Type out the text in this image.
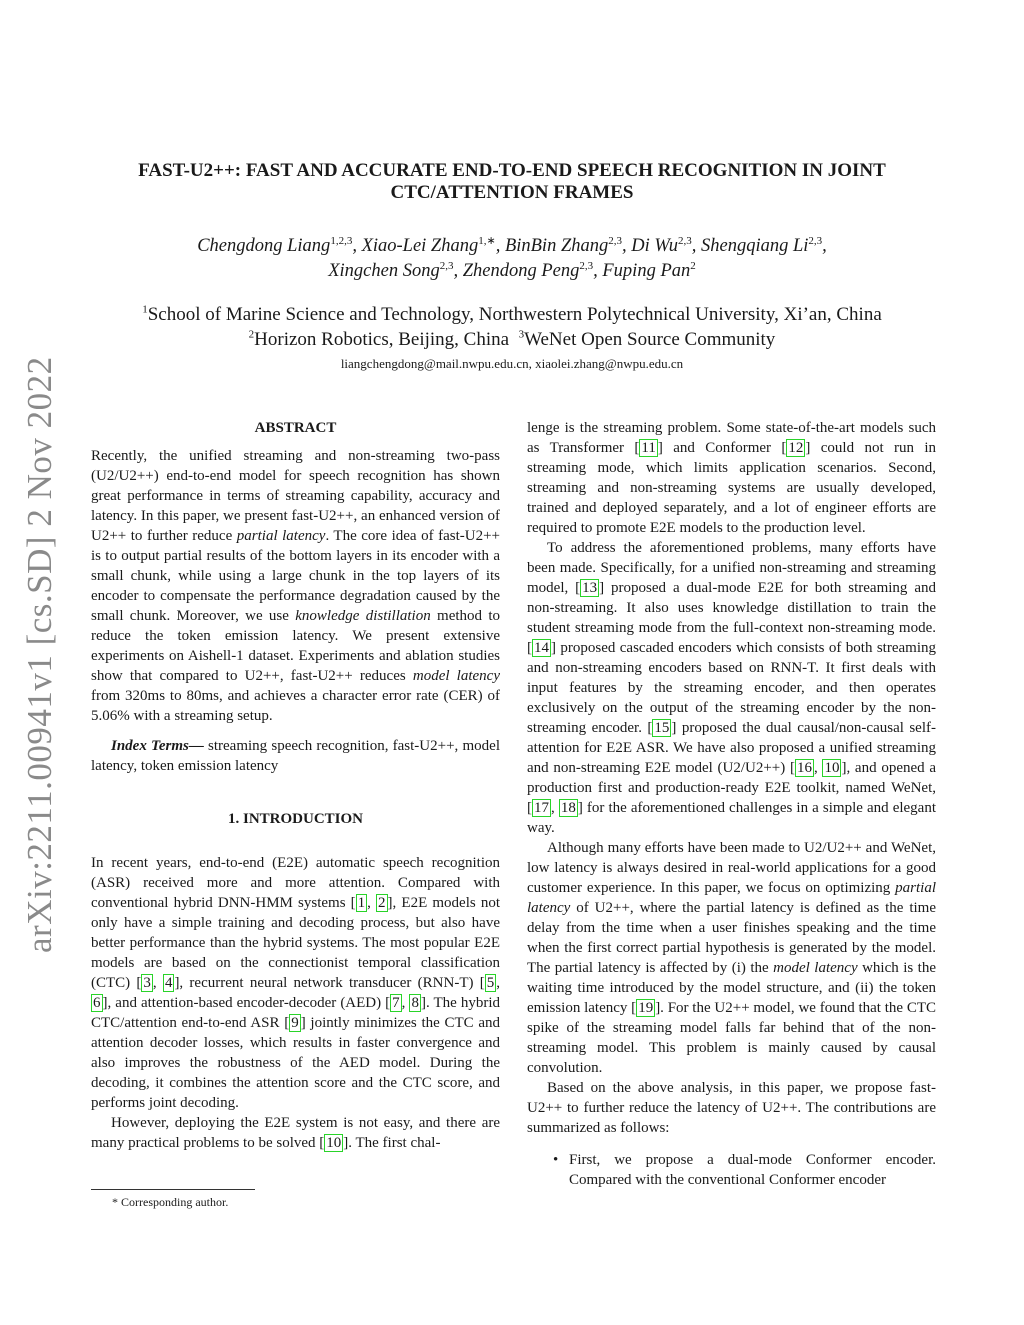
arXiv:2211.00941v1 [cs.SD] 2 Nov 2022
FAST-U2++: FAST AND ACCURATE END-TO-END SPEECH RECOGNITION IN JOINT
CTC/ATTENTION FRAMES
Chengdong Liang$^{1,2,3}$, Xiao-Lei Zhang$^{1,∗}$, BinBin Zhang$^{2,3}$, Di Wu$^{2,3}$, Shengqiang Li$^{2,3}$,
Xingchen Song$^{2,3}$, Zhendong Peng$^{2,3}$, Fuping Pan$^2$
$^1$School of Marine Science and Technology, Northwestern Polytechnical University, Xi’an, China
$^2$Horizon Robotics, Beijing, China $^3$WeNet Open Source Community
liangchengdong@mail.nwpu.edu.cn, xiaolei.zhang@nwpu.edu.cn
ABSTRACT

Recently, the unified streaming and non-streaming two-pass (U2/U2++) end-to-end model for speech recognition has shown great performance in terms of streaming capability, accuracy and latency. In this paper, we present fast-U2++, an enhanced version of U2++ to further reduce partial latency. The core idea of fast-U2++ is to output partial results of the bottom layers in its encoder with a small chunk, while using a large chunk in the top layers of its encoder to compensate the performance degradation caused by the small chunk. Moreover, we use knowledge distillation method to reduce the token emission latency. We present extensive experiments on Aishell-1 dataset. Experiments and ablation studies show that compared to U2++, fast-U2++ reduces model latency from 320ms to 80ms, and achieves a character error rate (CER) of 5.06% with a streaming setup.

Index Terms— streaming speech recognition, fast-U2++, model latency, token emission latency

1. INTRODUCTION

In recent years, end-to-end (E2E) automatic speech recognition (ASR) received more and more attention. Compared with conventional hybrid DNN-HMM systems [ 1 , 2 ], E2E models not only have a simple training and decoding process, but also have better performance than the hybrid systems. The most popular E2E models are based on the connectionist temporal classification (CTC) [ 3 , 4 ], recurrent neural network transducer (RNN-T) [ 5 , 6 ], and attention-based encoder-decoder (AED) [ 7 , 8 ]. The hybrid CTC/attention end-to-end ASR [ 9 ] jointly minimizes the CTC and attention decoder losses, which results in faster convergence and also improves the robustness of the AED model. During the decoding, it combines the attention score and the CTC score, and performs joint decoding.

However, deploying the E2E system is not easy, and there are many practical problems to be solved [ 10 ]. The first chal-

* Corresponding author.

lenge is the streaming problem. Some state-of-the-art models such as Transformer [ 11 ] and Conformer [ 12 ] could not run in streaming mode, which limits application scenarios. Second, streaming and non-streaming systems are usually developed, trained and deployed separately, and a lot of engineer efforts are required to promote E2E models to the production level.

To address the aforementioned problems, many efforts have been made. Specifically, for a unified non-streaming and streaming model, [ 13 ] proposed a dual-mode E2E for both streaming and non-streaming. It also uses knowledge distillation to train the student streaming mode from the full-context non-streaming mode. [ 14 ] proposed cascaded encoders which consists of both streaming and non-streaming encoders based on RNN-T. It first deals with input features by the streaming encoder, and then operates exclusively on the output of the streaming encoder by the non-streaming encoder. [ 15 ] proposed the dual causal/non-causal self-attention for E2E ASR. We have also proposed a unified streaming and non-streaming E2E model (U2/U2++) [ 16 , 10 ], and opened a production first and production-ready E2E toolkit, named WeNet, [ 17 , 18 ] for the aforementioned challenges in a simple and elegant way.

Although many efforts have been made to U2/U2++ and WeNet, low latency is always desired in real-world applications for a good customer experience. In this paper, we focus on optimizing partial latency of U2++, where the partial latency is defined as the time delay from the time when a user finishes speaking and the time when the first correct partial hypothesis is generated by the model. The partial latency is affected by (i) the model latency which is the waiting time introduced by the model structure, and (ii) the token emission latency [ 19 ]. For the U2++ model, we found that the CTC spike of the streaming model falls far behind that of the non-streaming model. This problem is mainly caused by causal convolution.

Based on the above analysis, in this paper, we propose fast-U2++ to further reduce the latency of U2++. The contributions are summarized as follows:

• First, we propose a dual-mode Conformer encoder. Compared with the conventional Conformer encoder
